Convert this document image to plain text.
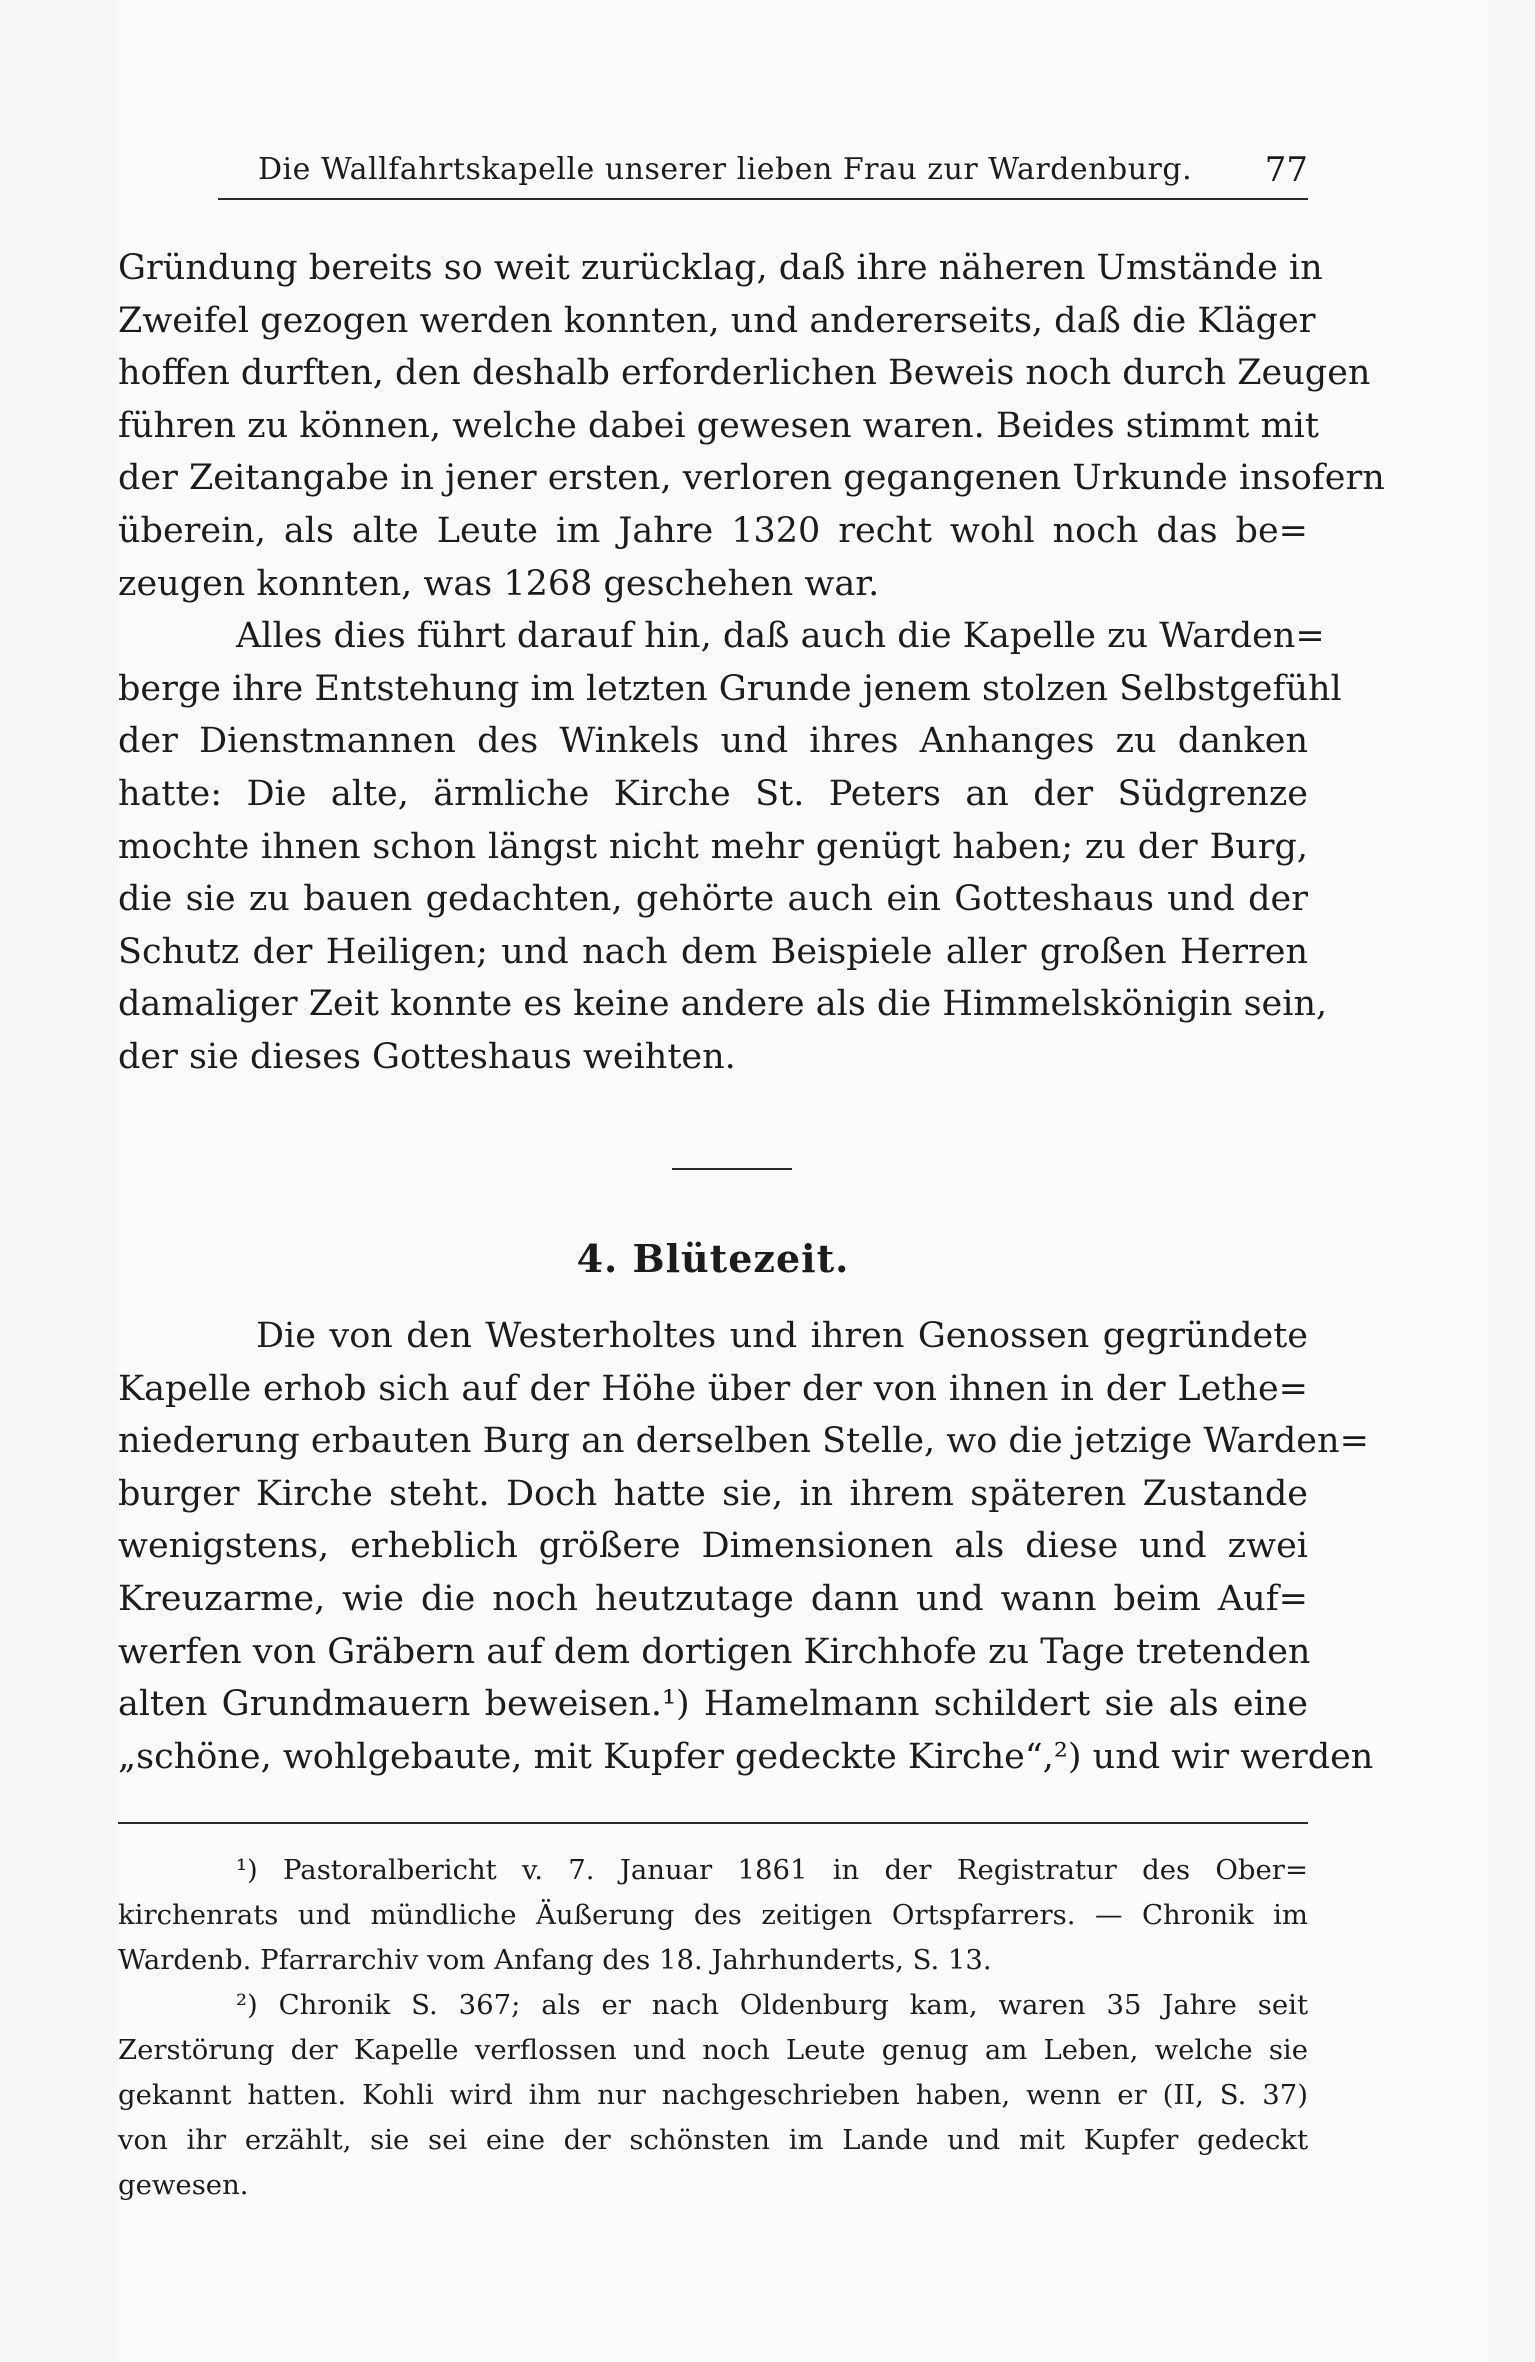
Die Wallfahrtskapelle unserer lieben Frau zur Wardenburg. 77
Gründung bereits so weit zurücklag, daß ihre näheren Umstände in
Zweifel gezogen werden konnten, und andererseits, daß die Kläger
hoffen durften, den deshalb erforderlichen Beweis noch durch Zeugen
führen zu können, welche dabei gewesen waren. Beides stimmt mit
der Zeitangabe in jener ersten, verloren gegangenen Urkunde insofern
überein, als alte Leute im Jahre 1320 recht wohl noch das be=
zeugen konnten, was 1268 geschehen war.
Alles dies führt darauf hin, daß auch die Kapelle zu Warden=
berge ihre Entstehung im letzten Grunde jenem stolzen Selbstgefühl
der Dienstmannen des Winkels und ihres Anhanges zu danken
hatte: Die alte, ärmliche Kirche St. Peters an der Südgrenze
mochte ihnen schon längst nicht mehr genügt haben; zu der Burg,
die sie zu bauen gedachten, gehörte auch ein Gotteshaus und der
Schutz der Heiligen; und nach dem Beispiele aller großen Herren
damaliger Zeit konnte es keine andere als die Himmelskönigin sein,
der sie dieses Gotteshaus weihten.
4. Blütezeit.
Die von den Westerholtes und ihren Genossen gegründete
Kapelle erhob sich auf der Höhe über der von ihnen in der Lethe=
niederung erbauten Burg an derselben Stelle, wo die jetzige Warden=
burger Kirche steht. Doch hatte sie, in ihrem späteren Zustande
wenigstens, erheblich größere Dimensionen als diese und zwei
Kreuzarme, wie die noch heutzutage dann und wann beim Auf=
werfen von Gräbern auf dem dortigen Kirchhofe zu Tage tretenden
alten Grundmauern beweisen.¹) Hamelmann schildert sie als eine
„schöne, wohlgebaute, mit Kupfer gedeckte Kirche“,²) und wir werden
¹) Pastoralbericht v. 7. Januar 1861 in der Registratur des Ober=
kirchenrats und mündliche Äußerung des zeitigen Ortspfarrers. — Chronik im
Wardenb. Pfarrarchiv vom Anfang des 18. Jahrhunderts, S. 13.
²) Chronik S. 367; als er nach Oldenburg kam, waren 35 Jahre seit
Zerstörung der Kapelle verflossen und noch Leute genug am Leben, welche sie
gekannt hatten. Kohli wird ihm nur nachgeschrieben haben, wenn er (II, S. 37)
von ihr erzählt, sie sei eine der schönsten im Lande und mit Kupfer gedeckt
gewesen.
